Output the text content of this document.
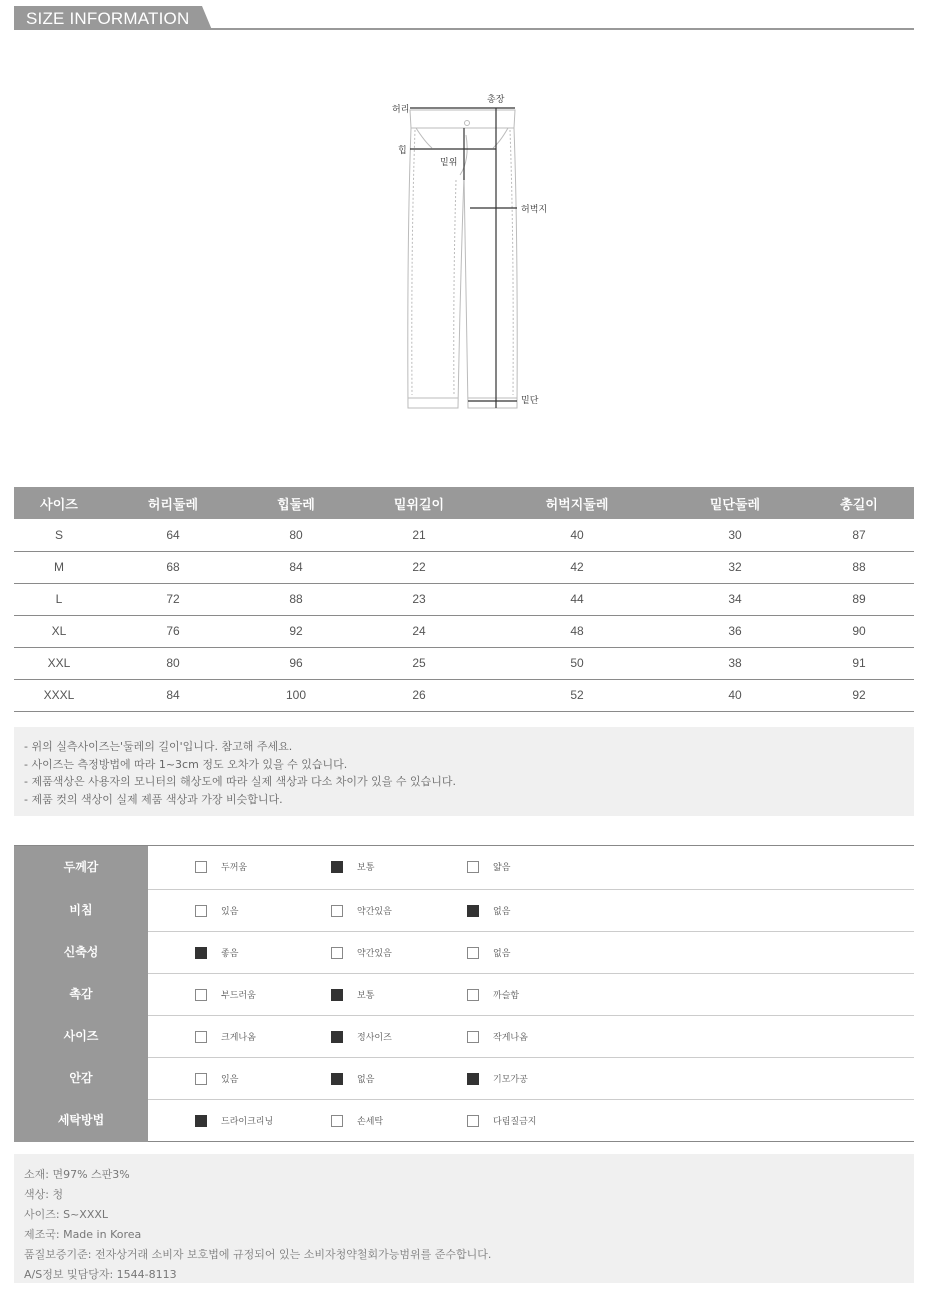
SIZE INFORMATION
허리
총장
힙
밑위
허벅지
밑단
사이즈	허리둘레	힙둘레	밑위길이	허벅지둘레	밑단둘레	총길이
S	64	80	21	40	30	87
M	68	84	22	42	32	88
L	72	88	23	44	34	89
XL	76	92	24	48	36	90
XXL	80	96	25	50	38	91
XXXL	84	100	26	52	40	92
- 위의 실측사이즈는'둘레의 길이'입니다. 참고해 주세요.
- 사이즈는 측정방법에 따라 1~3cm 정도 오차가 있을 수 있습니다.
- 제품색상은 사용자의 모니터의 해상도에 따라 실제 색상과 다소 차이가 있을 수 있습니다.
- 제품 컷의 색상이 실제 제품 색상과 가장 비슷합니다.
두께감	두꺼움	보통	얇음
비침	있음	약간있음	없음
신축성	좋음	약간있음	없음
촉감	부드러움	보통	까슬함
사이즈	크게나옴	정사이즈	작게나옴
안감	있음	없음	기모가공
세탁방법	드라이크리닝	손세탁	다림질금지
소재: 면97% 스판3%
색상: 청
사이즈: S~XXXL
제조국: Made in Korea
품질보증기준: 전자상거래 소비자 보호법에 규정되어 있는 소비자청약철회가능범위를 준수합니다.
A/S정보 및담당자: 1544-8113
